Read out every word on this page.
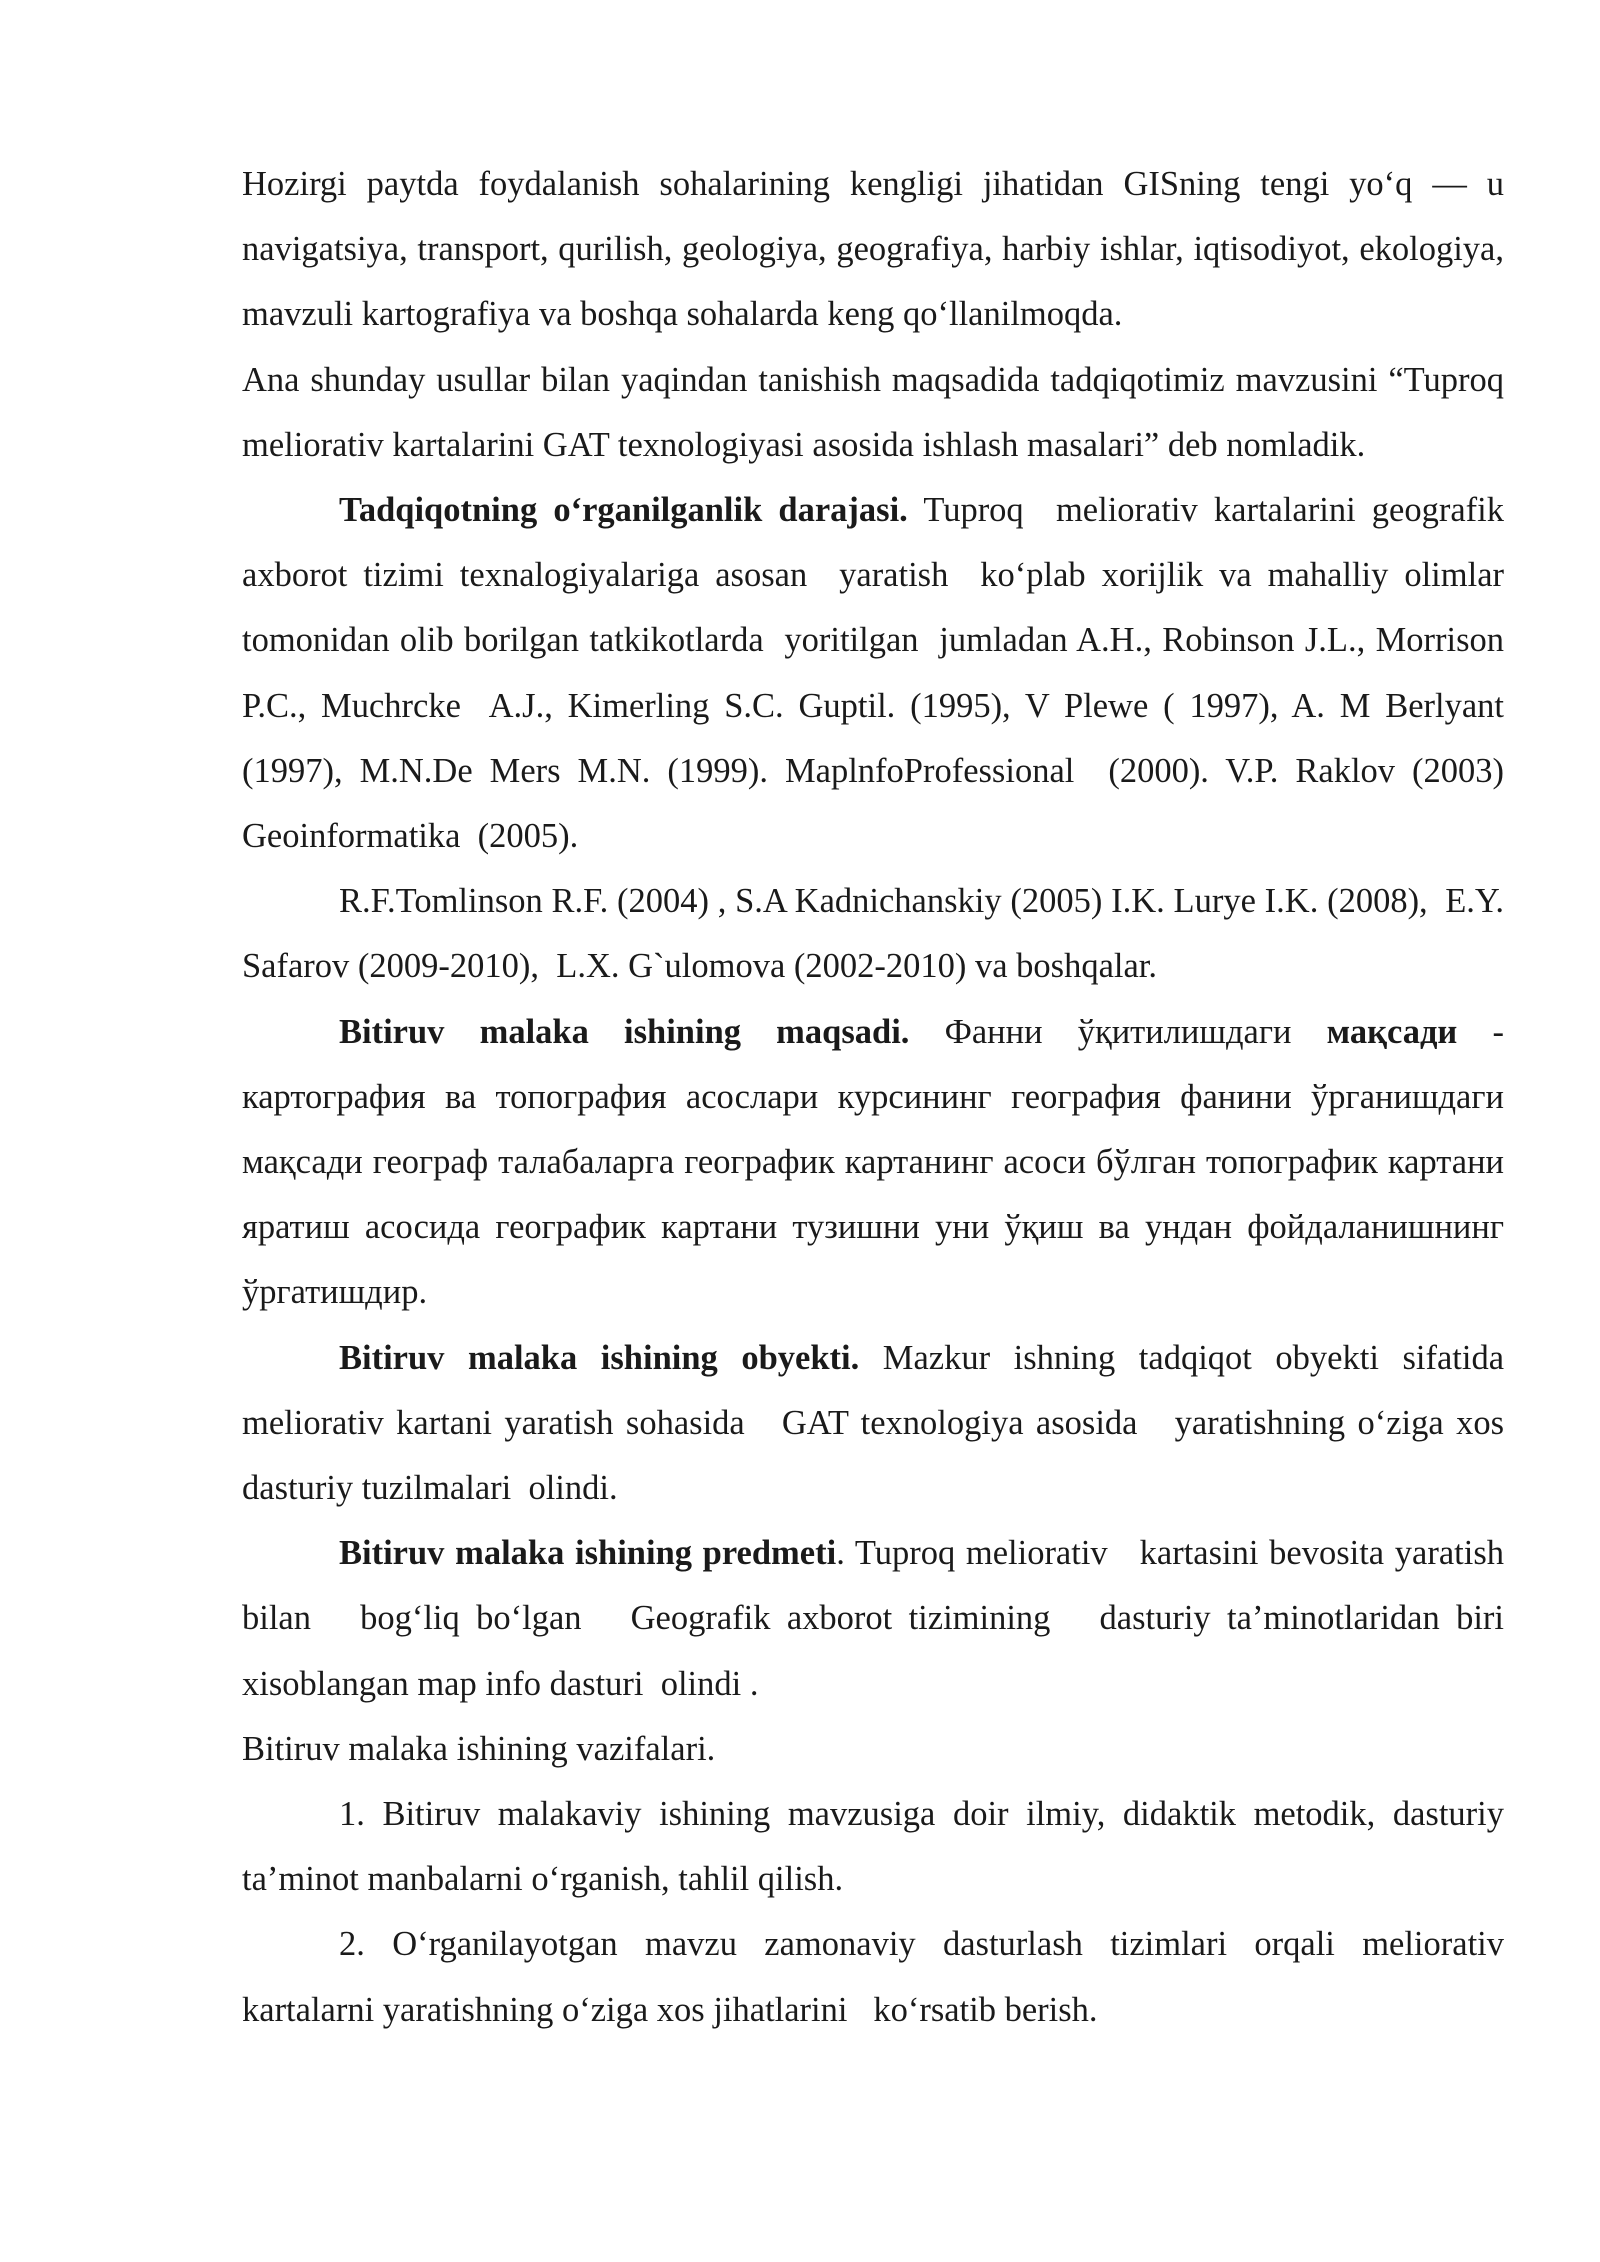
Hozirgi paytda foydalanish sohalarining kengligi jihatidan GISning tengi yo‘q — u navigatsiya, transport, qurilish, geologiya, geografiya, harbiy ishlar, iqtisodiyot, ekologiya, mavzuli kartografiya va boshqa sohalarda keng qo‘llanilmoqda.

Ana shunday usullar bilan yaqindan tanishish maqsadida tadqiqotimiz mavzusini “Tuproq meliorativ kartalarini GAT texnologiyasi asosida ishlash masalari” deb nomladik.

Tadqiqotning o‘rganilganlik darajasi. Tuproq  meliorativ kartalarini geografik axborot tizimi texnalogiyalariga asosan  yaratish  ko‘plab xorijlik va mahalliy olimlar tomonidan olib borilgan tatkikotlarda  yoritilgan  jumladan A.H., Robinson J.L., Morrison  P.C., Muchrcke  A.J., Kimerling S.C. Guptil. (1995), V Plewe ( 1997), A. M Berlyant  (1997), M.N.De Mers M.N. (1999). MaplnfoProfessional  (2000). V.P. Raklov (2003)  Geoinformatika  (2005).

R.F.Tomlinson R.F. (2004) , S.A Kadnichanskiy (2005) I.K. Lurye I.K. (2008),  E.Y. Safarov (2009-2010),  L.X. G`ulomova (2002-2010) va boshqalar.

Bitiruv malaka ishining maqsadi. Фанни ўқитилишдаги мақсади - картография ва топография асослари курсининг география фанини ўрганишдаги мақсади географ талабаларга географик картанинг асоси бўлган топографик картани яратиш асосида географик картани тузишни уни ўқиш ва ундан фойдаланишнинг ўргатишдир.

Bitiruv malaka ishining obyekti. Mazkur ishning tadqiqot obyekti sifatida meliorativ kartani yaratish sohasida   GAT texnologiya asosida   yaratishning o‘ziga xos dasturiy tuzilmalari  olindi.

Bitiruv malaka ishining predmeti. Tuproq meliorativ   kartasini bevosita yaratish bilan   bog‘liq bo‘lgan   Geografik axborot tizimining   dasturiy ta’minotlaridan biri  xisoblangan map info dasturi  olindi .

Bitiruv malaka ishining vazifalari.

1. Bitiruv malakaviy ishining mavzusiga doir ilmiy, didaktik metodik, dasturiy ta’minot manbalarni o‘rganish, tahlil qilish.

2. O‘rganilayotgan mavzu zamonaviy dasturlash tizimlari orqali meliorativ kartalarni yaratishning o‘ziga xos jihatlarini   ko‘rsatib berish.
